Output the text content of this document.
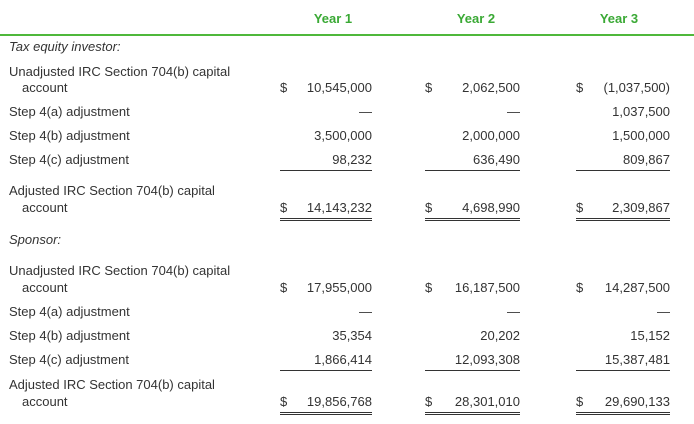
Year 1	Year 2	Year 3
Tax equity investor:
Unadjusted IRC Section 704(b) capital
account	$ 10,545,000	$ 2,062,500	$ (1,037,500)
Step 4(a) adjustment	—	—	1,037,500
Step 4(b) adjustment	3,500,000	2,000,000	1,500,000
Step 4(c) adjustment	98,232	636,490	809,867
Adjusted IRC Section 704(b) capital
account	$ 14,143,232	$ 4,698,990	$ 2,309,867
Sponsor:
Unadjusted IRC Section 704(b) capital
account	$ 17,955,000	$ 16,187,500	$ 14,287,500
Step 4(a) adjustment	—	—	—
Step 4(b) adjustment	35,354	20,202	15,152
Step 4(c) adjustment	1,866,414	12,093,308	15,387,481
Adjusted IRC Section 704(b) capital
account	$ 19,856,768	$ 28,301,010	$ 29,690,133
